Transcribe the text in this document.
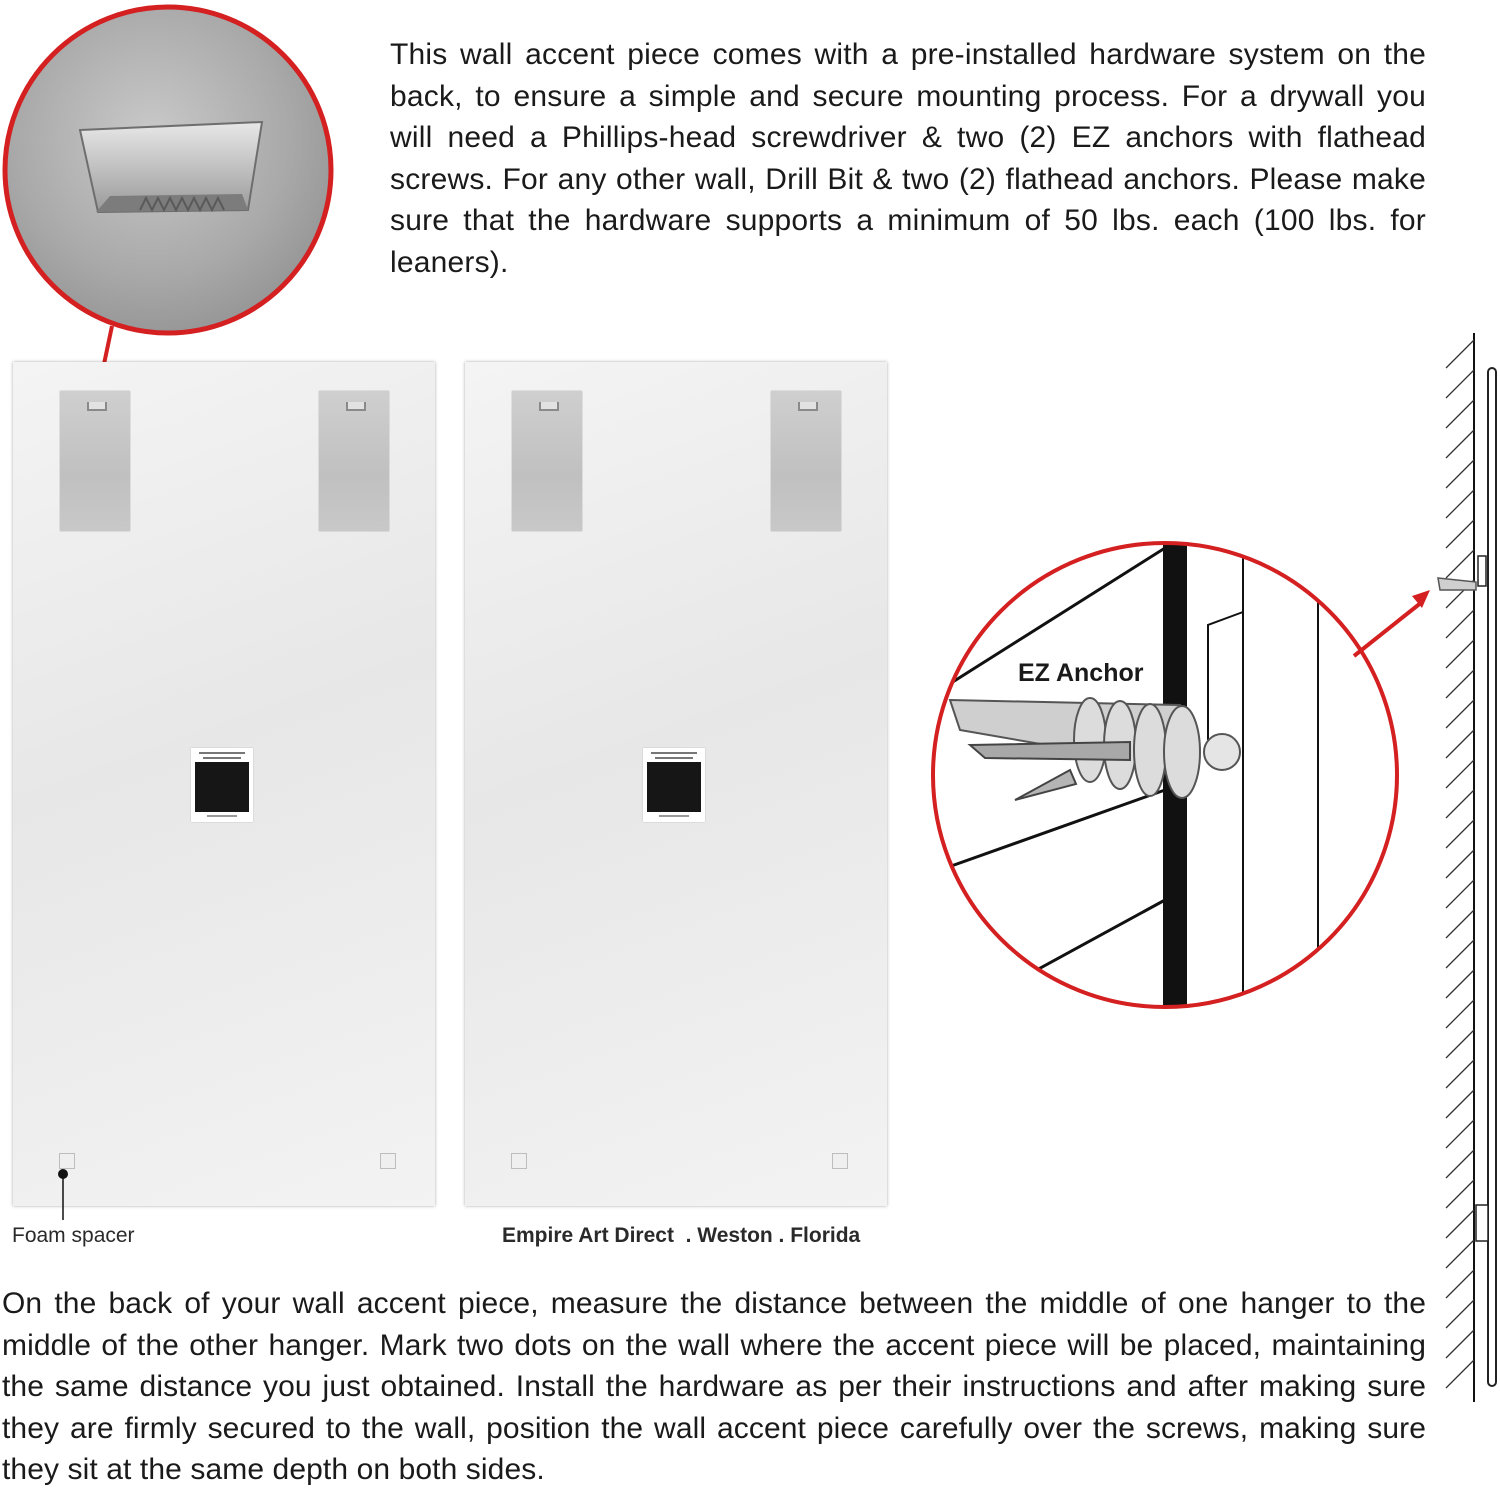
This wall accent piece comes with a pre-installed hardware system on the back, to ensure a simple and secure mounting process. For a drywall you will need a Phillips-head screwdriver & two (2) EZ anchors with flathead screws. For any other wall, Drill Bit & two (2) flathead anchors. Please make sure that the hardware supports a minimum of 50 lbs. each (100 lbs. for leaners).
Foam spacer	Empire Art Direct  . Weston . Florida
EZ Anchor
On the back of your wall accent piece, measure the distance between the middle of one hanger to the middle of the other hanger. Mark two dots on the wall where the accent piece will be placed, maintaining the same distance you just obtained. Install the hardware as per their instructions and after making sure they are firmly secured to the wall, position the wall accent piece carefully over the screws, making sure they sit at the same depth on both sides.
